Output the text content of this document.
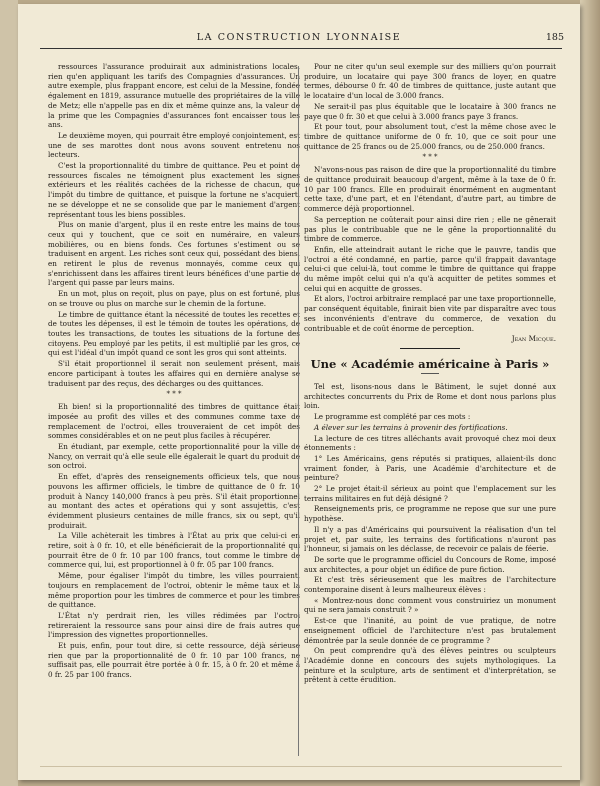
LA CONSTRUCTION LYONNAISE	185

ressources l'assurance produirait aux administrations locales, rien qu'en appliquant les tarifs des Compagnies d'assurances. Un autre exemple, plus frappant encore, est celui de la Messine, fondée également en 1819, assurance mutuelle des propriétaires de la ville de Metz; elle n'appelle pas en dix et même quinze ans, la valeur de la prime que les Compagnies d'assurances font encaisser tous les ans.

Le deuxième moyen, qui pourrait être employé conjointement, est une de ses marottes dont nous avons souvent entretenu nos lecteurs.

C'est la proportionnalité du timbre de quittance. Peu et point de ressources fiscales ne témoignent plus exactement les signes extérieurs et les réalités cachées de la richesse de chacun, que l'impôt du timbre de quittance, et puisque la fortune ne s'acquiert, ne se développe et ne se consolide que par le maniement d'argent représentant tous les biens possibles.

Plus on manie d'argent, plus il en reste entre les mains de tous ceux qui y touchent, que ce soit en numéraire, en valeurs mobilières, ou en biens fonds. Ces fortunes s'estiment ou se traduisent en argent. Les riches sont ceux qui, possédant des biens, en retirent le plus de revenus monnayés, comme ceux qui s'enrichissent dans les affaires tirent leurs bénéfices d'une partie de l'argent qui passe par leurs mains.

En un mot, plus on reçoit, plus on paye, plus on est fortuné, plus on se trouve ou plus on marche sur le chemin de la fortune.

Le timbre de quittance étant la nécessité de toutes les recettes et de toutes les dépenses, il est le témoin de toutes les opérations, de toutes les transactions, de toutes les situations de la fortune des citoyens. Peu employé par les petits, il est multiplié par les gros, ce qui est l'idéal d'un impôt quand ce sont les gros qui sont atteints.

S'il était proportionnel il serait non seulement présent, mais encore participant à toutes les affaires qui en dernière analyse se traduisent par des reçus, des décharges ou des quittances.

* * *

Eh bien! si la proportionnalité des timbres de quittance était imposée au profit des villes et des communes comme taxe de remplacement de l'octroi, elles trouveraient de cet impôt des sommes considérables et on ne peut plus faciles à récupérer.

En étudiant, par exemple, cette proportionnalité pour la ville de Nancy, on verrait qu'à elle seule elle égalerait le quart du produit de son octroi.

En effet, d'après des renseignements officieux tels, que nous pouvons les affirmer officiels, le timbre de quittance de 0 fr. 10 produit à Nancy 140,000 francs à peu près. S'il était proportionnel au montant des actes et opérations qui y sont assujettis, c'est évidemment plusieurs centaines de mille francs, six ou sept, qu'il produirait.

La Ville achèterait les timbres à l'État au prix que celui-ci en retire, soit à 0 fr. 10, et elle bénéficierait de la proportionnalité qui pourrait être de 0 fr. 10 par 100 francs, tout comme le timbre de commerce qui, lui, est proportionnel à 0 fr. 05 par 100 francs.

Même, pour égaliser l'impôt du timbre, les villes pourraient, toujours en remplacement de l'octroi, obtenir le même taux et la même proportion pour les timbres de commerce et pour les timbres de quittance.

L'État n'y perdrait rien, les villes rédimées par l'octroi retireraient la ressource sans pour ainsi dire de frais autres que l'impression des vignettes proportionnelles.

Et puis, enfin, pour tout dire, si cette ressource, déjà sérieuse rien que par la proportionnalité de 0 fr. 10 par 100 francs, ne suffisait pas, elle pourrait être portée à 0 fr. 15, à 0 fr. 20 et même à 0 fr. 25 par 100 francs.

Pour ne citer qu'un seul exemple sur des milliers qu'on pourrait produire, un locataire qui paye 300 francs de loyer, en quatre termes, débourse 0 fr. 40 de timbres de quittance, juste autant que le locataire d'un local de 3.000 francs.

Ne serait-il pas plus équitable que le locataire à 300 francs ne paye que 0 fr. 30 et que celui à 3.000 francs paye 3 francs.

Et pour tout, pour absolument tout, c'est la même chose avec le timbre de quittance uniforme de 0 fr. 10, que ce soit pour une quittance de 25 francs ou de 25.000 francs, ou de 250.000 francs.

* * *

N'avons-nous pas raison de dire que la proportionnalité du timbre de quittance produirait beaucoup d'argent, même à la taxe de 0 fr. 10 par 100 francs. Elle en produirait énormément en augmentant cette taxe, d'une part, et en l'étendant, d'autre part, au timbre de commerce déjà proportionnel.

Sa perception ne coûterait pour ainsi dire rien ; elle ne gênerait pas plus le contribuable que ne le gêne la proportionnalité du timbre de commerce.

Enfin, elle atteindrait autant le riche que le pauvre, tandis que l'octroi a été condamné, en partie, parce qu'il frappait davantage celui-ci que celui-là, tout comme le timbre de quittance qui frappe du même impôt celui qui n'a qu'à acquitter de petites sommes et celui qui en acquitte de grosses.

Et alors, l'octroi arbitraire remplacé par une taxe proportionnelle, par conséquent équitable, finirait bien vite par disparaître avec tous ses inconvénients d'entrave du commerce, de vexation du contribuable et de coût énorme de perception.

Jean Micque.
Une « Académie américaine à Paris »

Tel est, lisons-nous dans le Bâtiment, le sujet donné aux architectes concurrents du Prix de Rome et dont nous parlons plus loin.

Le programme est complété par ces mots :

A élever sur les terrains à provenir des fortifications.

La lecture de ces titres alléchants avait provoqué chez moi deux étonnements :

1° Les Américains, gens réputés si pratiques, allaient-ils donc vraiment fonder, à Paris, une Académie d'architecture et de peinture?

2° Le projet était-il sérieux au point que l'emplacement sur les terrains militaires en fut déjà désigné ?

Renseignements pris, ce programme ne repose que sur une pure hypothèse.

Il n'y a pas d'Américains qui poursuivent la réalisation d'un tel projet et, par suite, les terrains des fortifications n'auront pas l'honneur, si jamais on les déclasse, de recevoir ce palais de féerie.

De sorte que le programme officiel du Concours de Rome, imposé aux architectes, a pour objet un édifice de pure fiction.

Et c'est très sérieusement que les maîtres de l'architecture contemporaine disent à leurs malheureux élèves :

« Montrez-nous donc comment vous construiriez un monument qui ne sera jamais construit ? »

Est-ce que l'inanité, au point de vue pratique, de notre enseignement officiel de l'architecture n'est pas brutalement démontrée par la seule donnée de ce programme ?

On peut comprendre qu'à des élèves peintres ou sculpteurs l'Académie donne en concours des sujets mythologiques. La peinture et la sculpture, arts de sentiment et d'interprétation, se prêtent à cette érudition.
